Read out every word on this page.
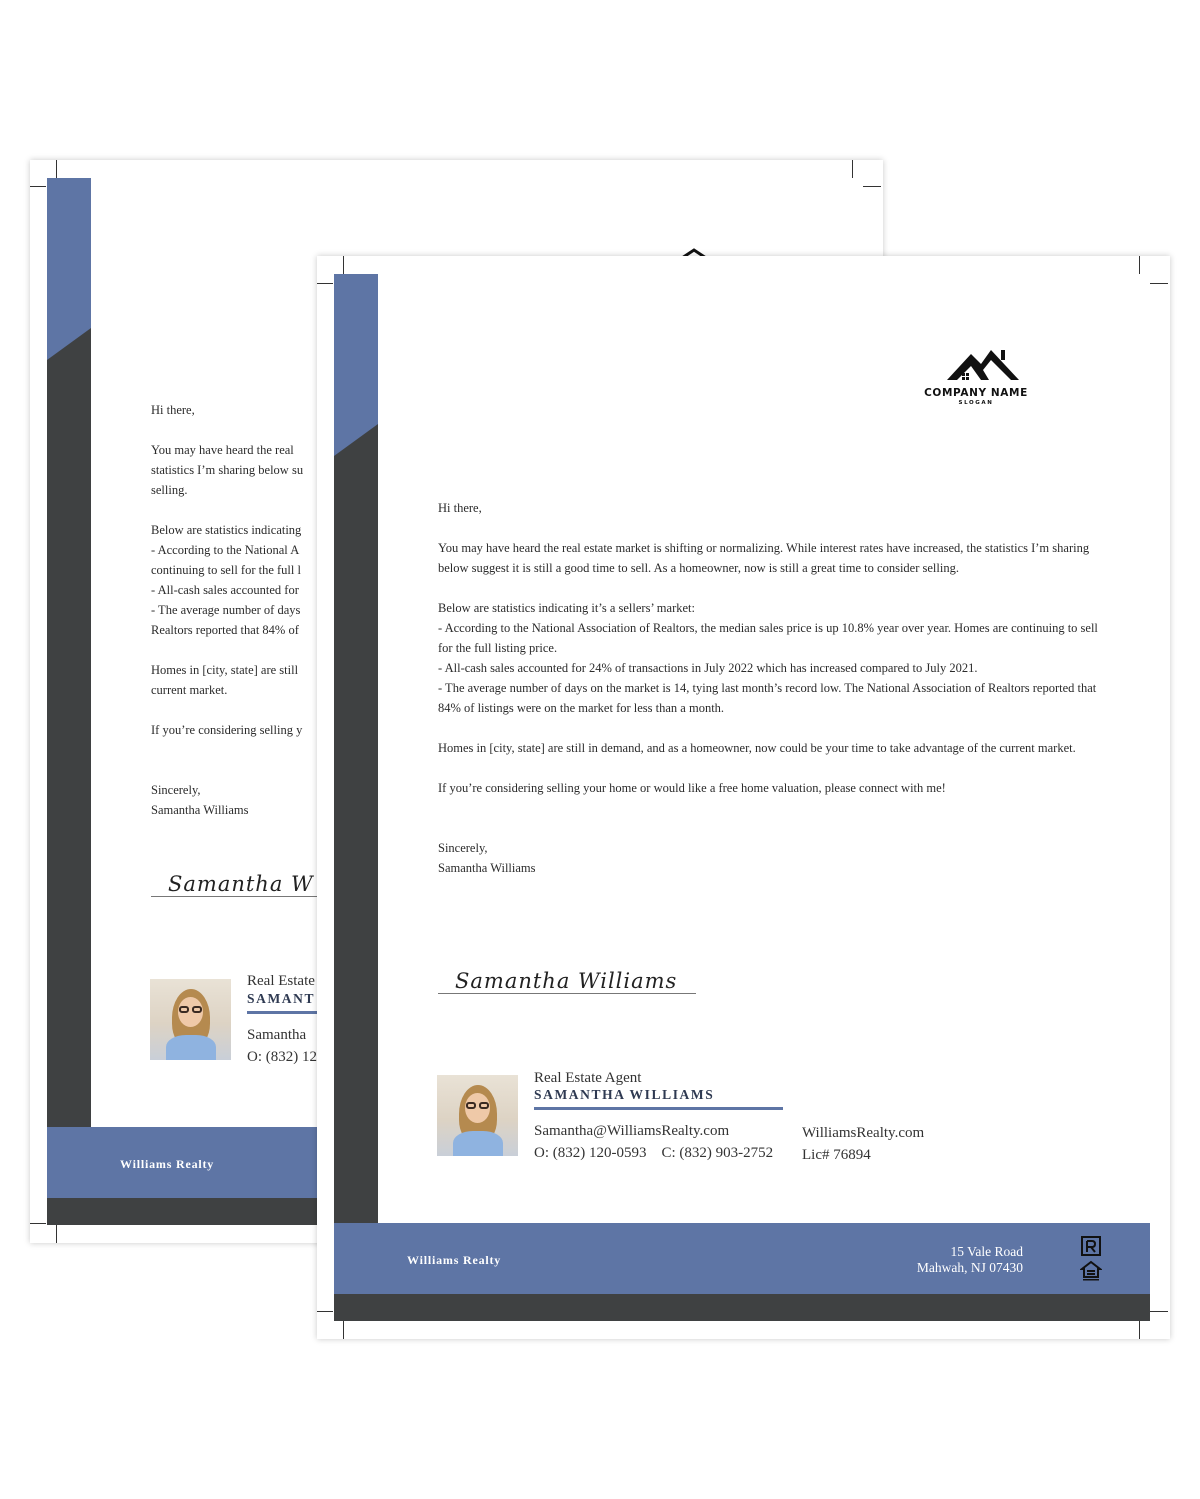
Williams Realty

Hi there,

You may have heard the real

statistics I’m sharing below su

selling.

Below are statistics indicating

- According to the National A

continuing to sell for the full l

- All-cash sales accounted for

- The average number of days

Realtors reported that 84% of

Homes in [city, state] are still

current market.

If you’re considering selling y

Sincerely,

Samantha Williams

Samantha W
Real Estate
SAMANT
Samantha
O: (832) 12
COMPANY NAME
SLOGAN

Hi there,

You may have heard the real estate market is shifting or normalizing. While interest rates have increased, the statistics I’m sharing below suggest it is still a good time to sell. As a homeowner, now is still a great time to consider selling.

Below are statistics indicating it’s a sellers’ market:

- According to the National Association of Realtors, the median sales price is up 10.8% year over year. Homes are continuing to sell for the full listing price.

- All-cash sales accounted for 24% of transactions in July 2022 which has increased compared to July 2021.

- The average number of days on the market is 14, tying last month’s record low. The National Association of Realtors reported that 84% of listings were on the market for less than a month.

Homes in [city, state] are still in demand, and as a homeowner, now could be your time to take advantage of the current market.

If you’re considering selling your home or would like a free home valuation, please connect with me!

Sincerely,

Samantha Williams

Samantha Williams
Real Estate Agent
SAMANTHA WILLIAMS
Samantha@WilliamsRealty.com
O: (832) 120-0593    C: (832) 903-2752
WilliamsRealty.com
Lic# 76894
Williams Realty
15 Vale Road
Mahwah, NJ 07430
